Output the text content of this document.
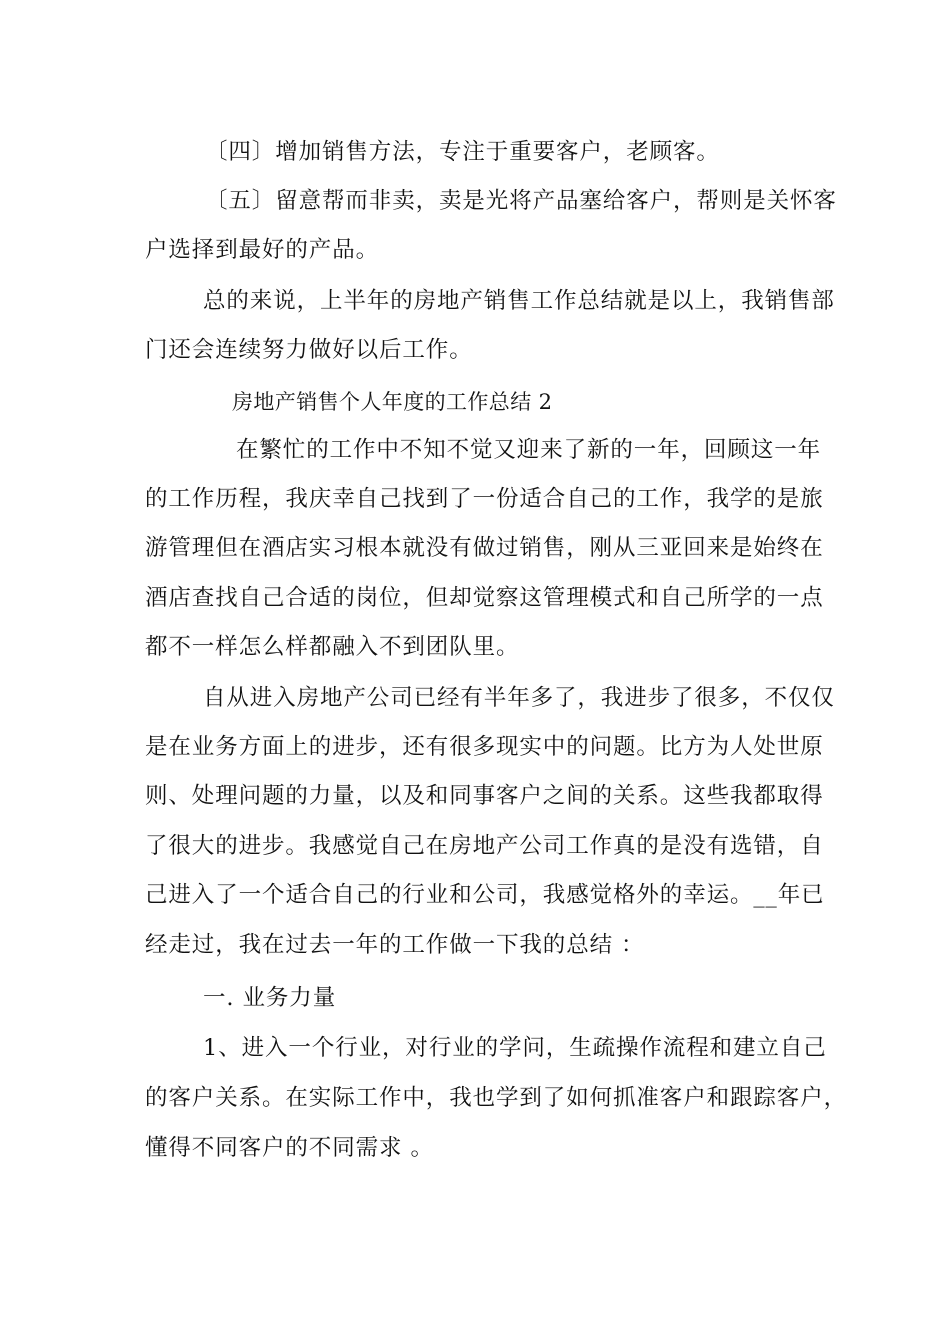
〔四〕增加销售方法，专注于重要客户，老顾客。
〔五〕留意帮而非卖，卖是光将产品塞给客户，帮则是关怀客
户选择到最好的产品。
总的来说，上半年的房地产销售工作总结就是以上，我销售部
门还会连续努力做好以后工作。
房地产销售个人年度的工作总结 2
在繁忙的工作中不知不觉又迎来了新的一年，回顾这一年
的工作历程，我庆幸自己找到了一份适合自己的工作，我学的是旅
游管理但在酒店实习根本就没有做过销售，刚从三亚回来是始终在
酒店查找自己合适的岗位，但却觉察这管理模式和自己所学的一点
都不一样怎么样都融入不到团队里。
自从进入房地产公司已经有半年多了，我进步了很多，不仅仅
是在业务方面上的进步，还有很多现实中的问题。比方为人处世原
则、处理问题的力量，以及和同事客户之间的关系。这些我都取得
了很大的进步。我感觉自己在房地产公司工作真的是没有选错，自
己进入了一个适合自己的行业和公司，我感觉格外的幸运。__年已
经走过，我在过去一年的工作做一下我的总结 ：
一. 业务力量
1、进入一个行业，对行业的学问，生疏操作流程和建立自己
的客户关系。在实际工作中，我也学到了如何抓准客户和跟踪客户，
懂得不同客户的不同需求 。
